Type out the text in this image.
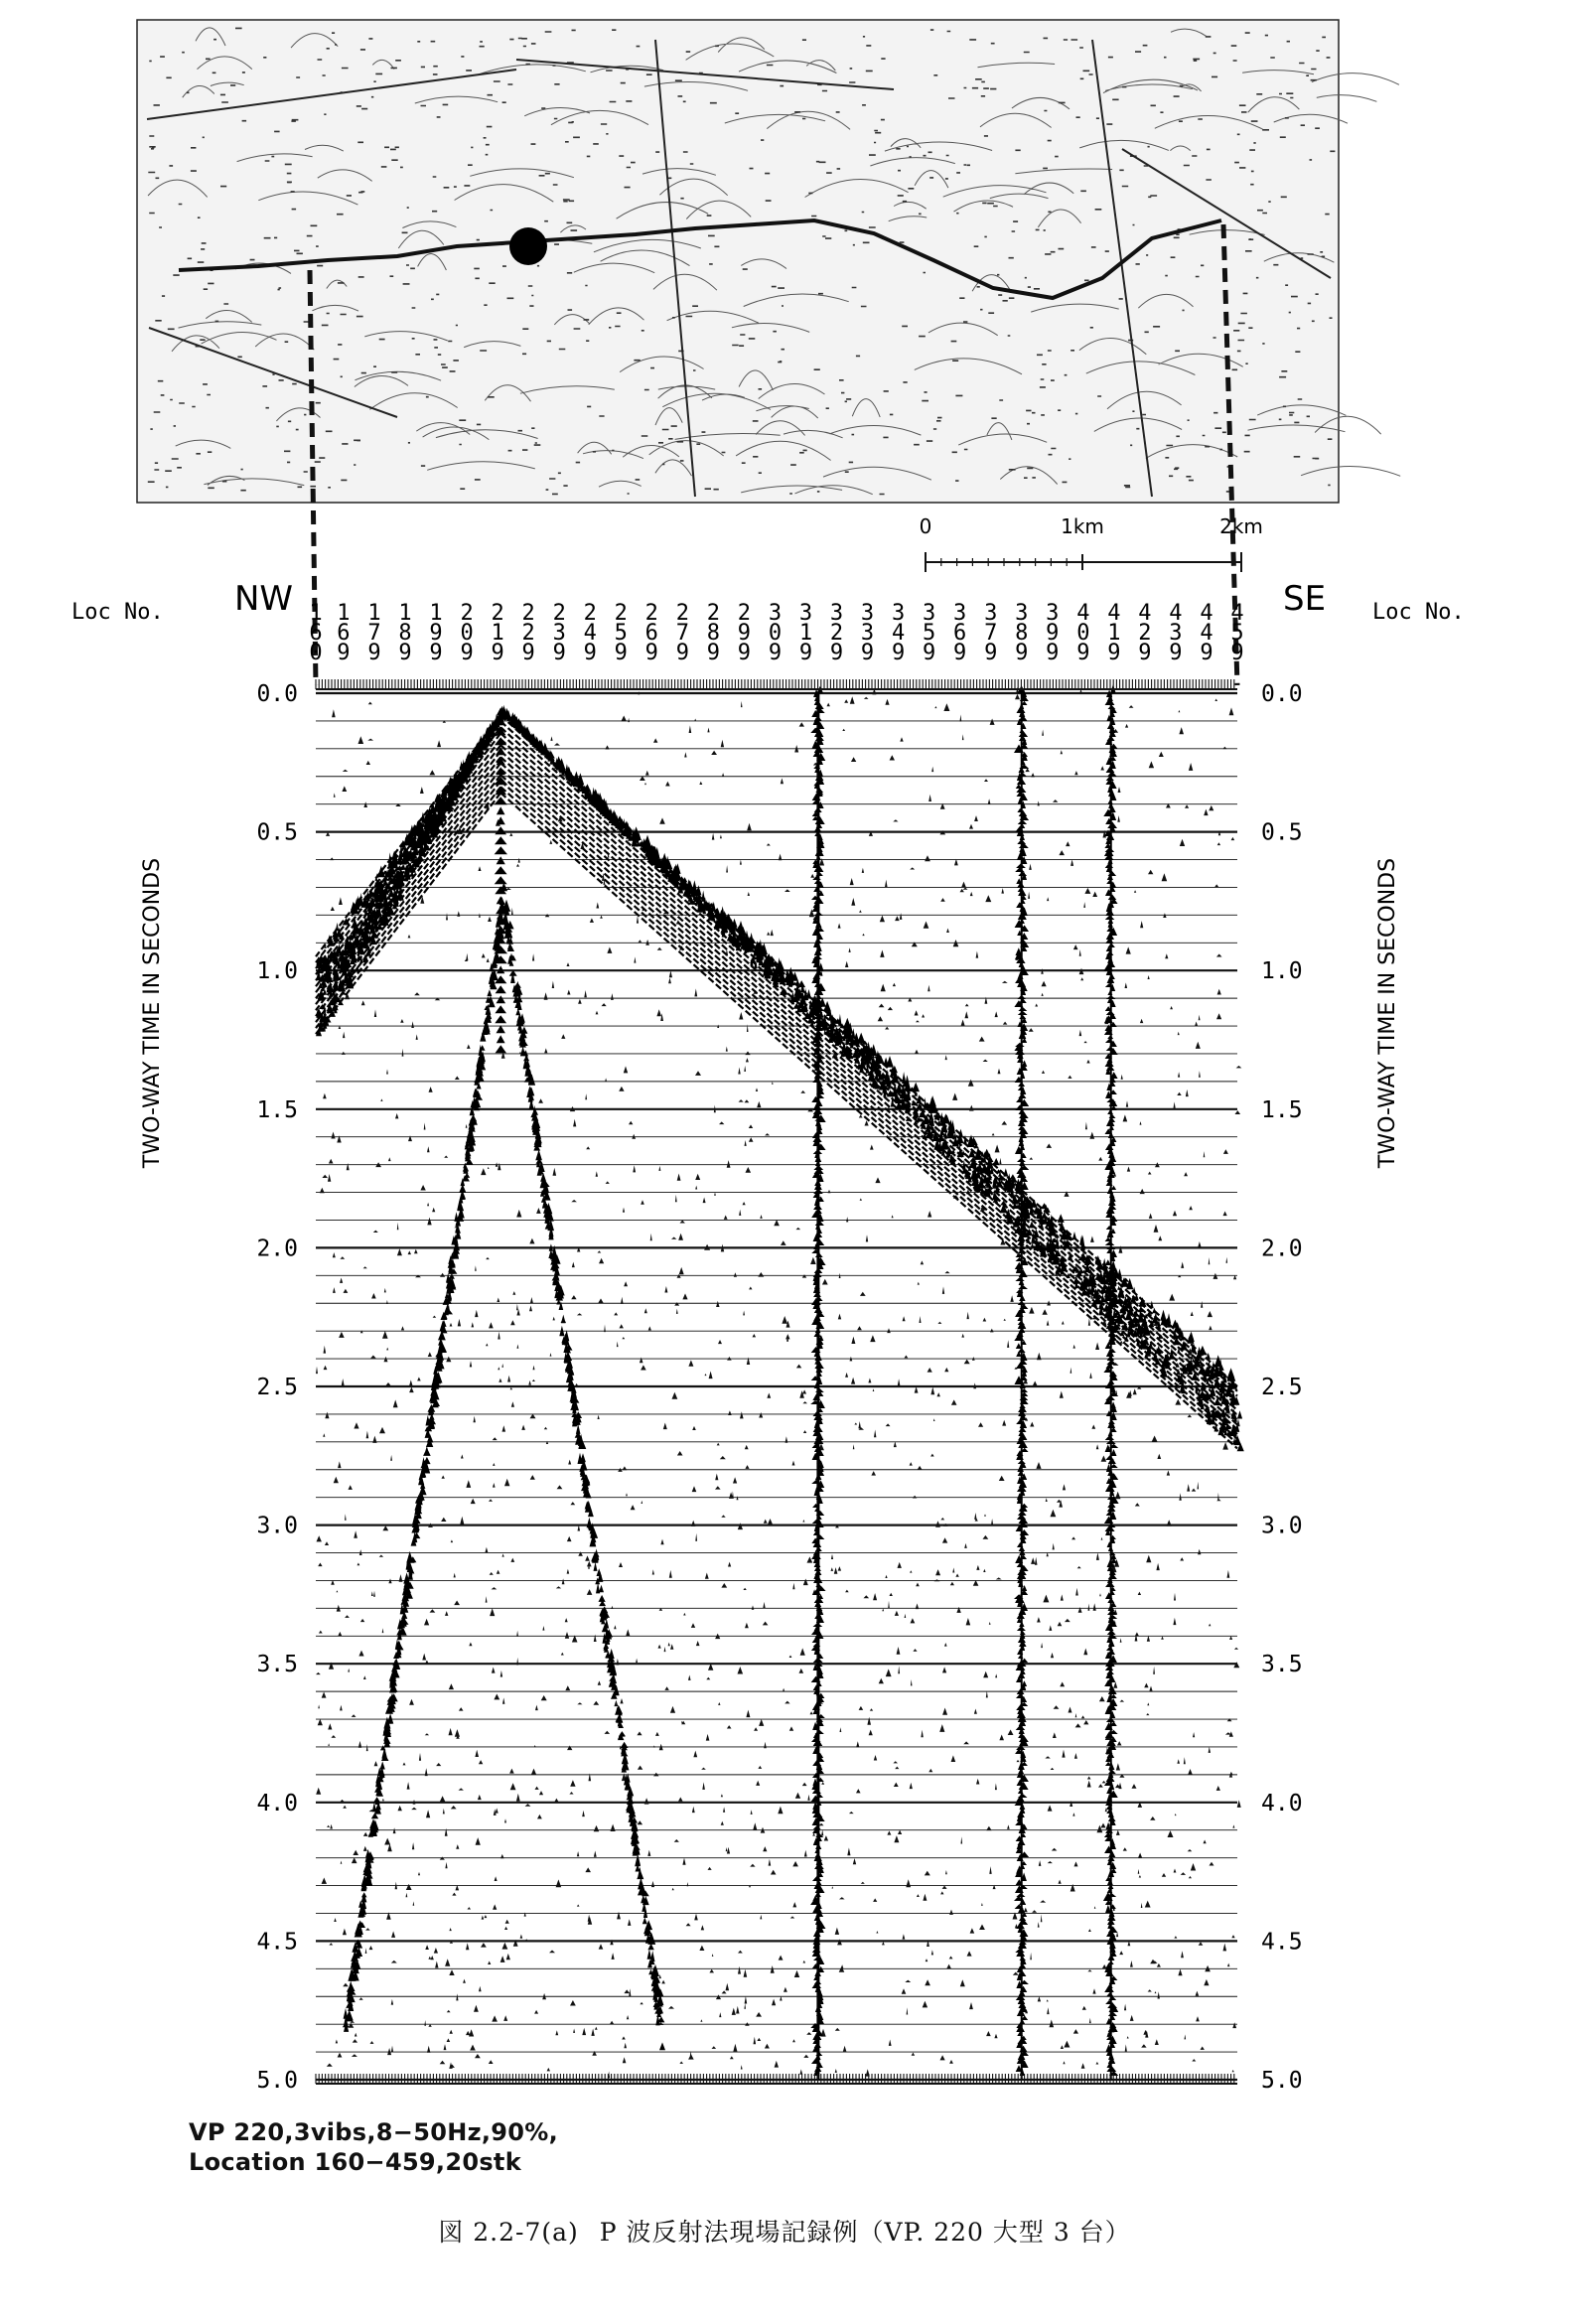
0	1km	2km
Loc No. NW	SE Loc No.
1 6 0
1 6 9
1 7 9
1 8 9
1 9 9
2 0 9
2 1 9
2 2 9
2 3 9
2 4 9
2 5 9
2 6 9
2 7 9
2 8 9
2 9 9
3 0 9
3 1 9
3 2 9
3 3 9
3 4 9
3 5 9
3 6 9
3 7 9
3 8 9
3 9 9
4 0 9
4 1 9
4 2 9
4 3 9
4 4 9
4 5 9
TWO-WAY TIME IN SECONDS	TWO-WAY TIME IN SECONDS
0.0
0.5
1.0
1.5
2.0
2.5
3.0
3.5
4.0
4.5
5.0
0.0
0.5
1.0
1.5
2.0
2.5
3.0
3.5
4.0
4.5
5.0
VP 220,3vibs,8−50Hz,90%,
Location 160−459,20stk
図 2.2-7(a) P 波反射法現場記録例（VP. 220 大型 3 台）
